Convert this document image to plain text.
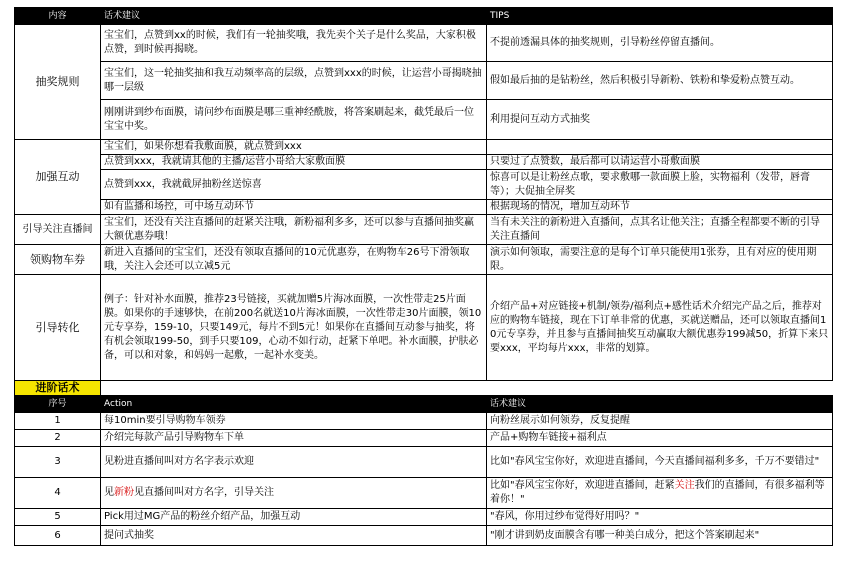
内容	话术建议	TIPS
抽奖规则	宝宝们，点赞到xx的时候，我们有一轮抽奖哦，我先卖个关子是什么奖品，大家积极点赞，到时候再揭晓。	不提前透漏具体的抽奖规则，引导粉丝停留直播间。
	宝宝们，这一轮抽奖抽和我互动频率高的层级，点赞到xxx的时候，让运营小哥揭晓抽哪一层级	假如最后抽的是钻粉丝，然后积极引导新粉、铁粉和挚爱粉点赞互动。
	刚刚讲到纱布面膜，请问纱布面膜是哪三重神经酰胺，将答案刷起来，截凭最后一位宝宝中奖。	利用提问互动方式抽奖
加强互动	宝宝们，如果你想看我敷面膜，就点赞到xxx	
	点赞到xxx，我就请其他的主播/运营小哥给大家敷面膜	只要过了点赞数，最后都可以请运营小哥敷面膜
	点赞到xxx，我就截屏抽粉丝送惊喜	惊喜可以是让粉丝点歌，要求敷哪一款面膜上脸，实物福利（发带，唇膏等）；大促抽全屏奖
	如有监播和场控，可中场互动环节	根据现场的情况，增加互动环节
引导关注直播间	宝宝们，还没有关注直播间的赶紧关注哦，新粉福利多多，还可以参与直播间抽奖赢大额优惠券哦！	当有未关注的新粉进入直播间，点其名让他关注；直播全程都要不断的引导关注直播间
领购物车券	新进入直播间的宝宝们，还没有领取直播间的10元优惠券，在购物车26号下滑领取哦，关注入会还可以立减5元	演示如何领取，需要注意的是每个订单只能使用1张券，且有对应的使用期限。
引导转化	例子：针对补水面膜，推荐23号链接，买就加赠5片海冰面膜，一次性带走25片面膜。如果你的手速够快，在前200名就送10片海冰面膜，一次性带走30片面膜，领10元专享券，159-10，只要149元，每片不到5元！如果你在直播间互动参与抽奖，将有机会领取199-50，到手只要109，心动不如行动，赶紧下单吧。补水面膜，护肤必备，可以和对象，和妈妈一起敷，一起补水变美。	介绍产品+对应链接+机制/领券/福利点+感性话术介绍完产品之后，推荐对应的购物车链接，现在下订单非常的优惠，买就送赠品，还可以领取直播间10元专享券，并且参与直播间抽奖互动赢取大额优惠券199减50，折算下来只要xxx，平均每片xxx，非常的划算。
进阶话术		
序号	Action	话术建议
1	每10min要引导购物车领券	向粉丝展示如何领券，反复提醒
2	介绍完每款产品引导购物车下单	产品+购物车链接+福利点
3	见粉进直播间叫对方名字表示欢迎	比如"春风宝宝你好，欢迎进直播间，今天直播间福利多多，千万不要错过"
4	见新粉见直播间叫对方名字，引导关注	比如"春风宝宝你好，欢迎进直播间，赶紧关注我们的直播间，有很多福利等着你！"
5	Pick用过MG产品的粉丝介绍产品，加强互动	"春风，你用过纱布觉得好用吗？"
6	提问式抽奖	"刚才讲到奶皮面膜含有哪一种美白成分，把这个答案刷起来"
